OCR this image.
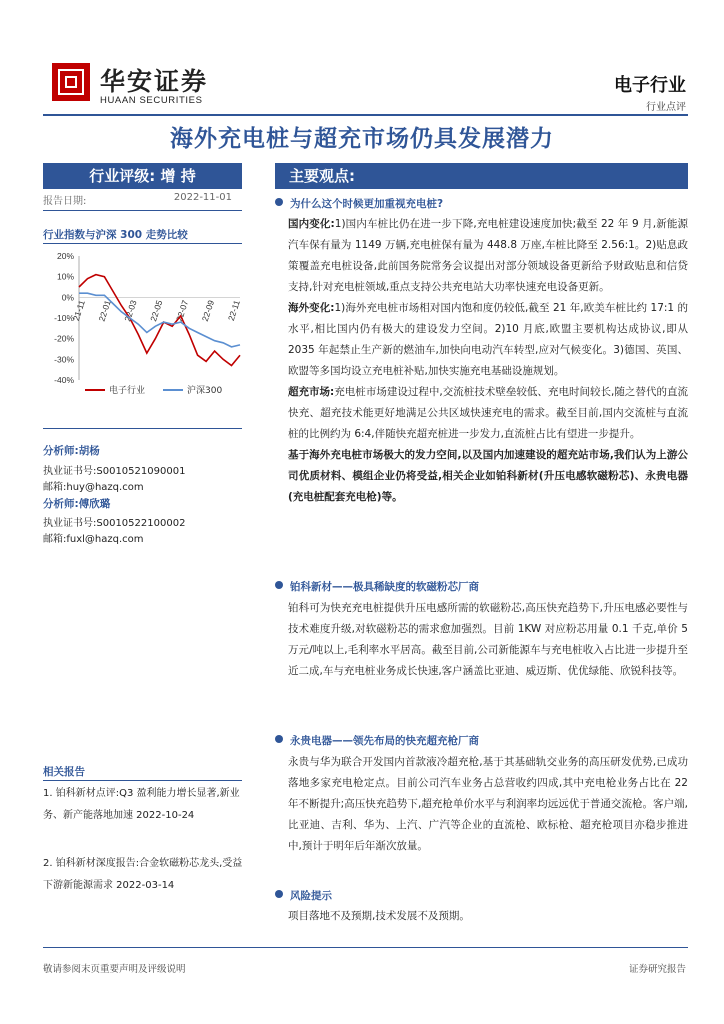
华安证券
HUAAN SECURITIES
电子行业
行业点评
海外充电桩与超充市场仍具发展潜力
行业评级: 增 持
报告日期:	2022-11-01
行业指数与沪深 300 走势比较
20%
10%
0%
-10%
-20%
-30%
-40%
21-11 22-01 22-03 22-05 22-07 22-09 22-11
电子行业	沪深300
分析师:胡杨
执业证书号:S0010521090001
邮箱:huy@hazq.com
分析师:傅欣璐
执业证书号:S0010522100002
邮箱:fuxl@hazq.com
相关报告
1. 铂科新材点评:Q3 盈利能力增长显著,新业务、新产能落地加速 2022-10-24
2. 铂科新材深度报告:合金软磁粉芯龙头,受益下游新能源需求 2022-03-14
主要观点:
为什么这个时候更加重视充电桩?
国内变化:1)国内车桩比仍在进一步下降,充电桩建设速度加快;截至 22 年 9 月,新能源汽车保有量为 1149 万辆,充电桩保有量为 448.8 万座,车桩比降至 2.56:1。2)贴息政策覆盖充电桩设备,此前国务院常务会议提出对部分领域设备更新给予财政贴息和信贷支持,针对充电桩领域,重点支持公共充电站大功率快速充电设备更新。
海外变化:1)海外充电桩市场相对国内饱和度仍较低,截至 21 年,欧美车桩比约 17:1 的水平,相比国内仍有极大的建设发力空间。2)10 月底,欧盟主要机构达成协议,即从 2035 年起禁止生产新的燃油车,加快向电动汽车转型,应对气候变化。3)德国、英国、欧盟等多国均设立充电桩补贴,加快实施充电基础设施规划。
超充市场:充电桩市场建设过程中,交流桩技术壁垒较低、充电时间较长,随之替代的直流快充、超充技术能更好地满足公共区域快速充电的需求。截至目前,国内交流桩与直流桩的比例约为 6:4,伴随快充超充桩进一步发力,直流桩占比有望进一步提升。
基于海外充电桩市场极大的发力空间,以及国内加速建设的超充站市场,我们认为上游公司优质材料、模组企业仍将受益,相关企业如铂科新材(升压电感软磁粉芯)、永贵电器(充电桩配套充电枪)等。
铂科新材——极具稀缺度的软磁粉芯厂商
铂科可为快充充电桩提供升压电感所需的软磁粉芯,高压快充趋势下,升压电感必要性与技术难度升级,对软磁粉芯的需求愈加强烈。目前 1KW 对应粉芯用量 0.1 千克,单价 5 万元/吨以上,毛利率水平居高。截至目前,公司新能源车与充电桩收入占比进一步提升至近二成,车与充电桩业务成长快速,客户涵盖比亚迪、威迈斯、优优绿能、欣锐科技等。
永贵电器——领先布局的快充超充枪厂商
永贵与华为联合开发国内首款液冷超充枪,基于其基础轨交业务的高压研发优势,已成功落地多家充电枪定点。目前公司汽车业务占总营收约四成,其中充电枪业务占比在 22 年不断提升;高压快充趋势下,超充枪单价水平与利润率均远远优于普通交流枪。客户端,比亚迪、吉利、华为、上汽、广汽等企业的直流枪、欧标枪、超充枪项目亦稳步推进中,预计于明年后年渐次放量。
风险提示
项目落地不及预期,技术发展不及预期。
敬请参阅末页重要声明及评级说明	证券研究报告
